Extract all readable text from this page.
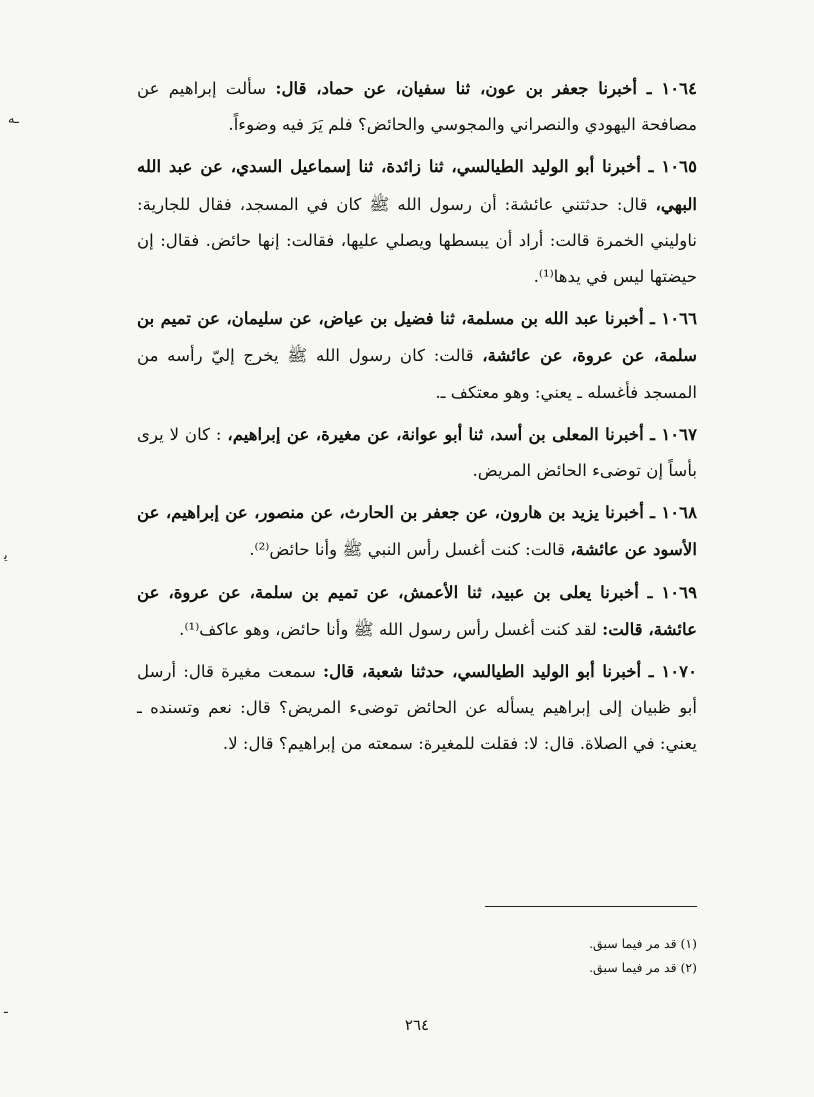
ـه
ﻳ
ـ

١٠٦٤ ـ أخبرنا جعفر بن عون، ثنا سفيان، عن حماد، قال: سألت إبراهيم عن مصافحة اليهودي والنصراني والمجوسي والحائض؟ فلم يَرَ فيه وضوءاً.

١٠٦٥ ـ أخبرنا أبو الوليد الطيالسي، ثنا زائدة، ثنا إسماعيل السدي، عن عبد الله البهي، قال: حدثتني عائشة: أن رسول الله ﷺ كان في المسجد، فقال للجارية: ناوليني الخمرة قالت: أراد أن يبسطها ويصلي عليها، فقالت: إنها حائض. فقال: إن حيضتها ليس في يدها⁽¹⁾.

١٠٦٦ ـ أخبرنا عبد الله بن مسلمة، ثنا فضيل بن عياض، عن سليمان، عن تميم بن سلمة، عن عروة، عن عائشة، قالت: كان رسول الله ﷺ يخرج إليّ رأسه من المسجد فأغسله ـ يعني: وهو معتكف ـ.

١٠٦٧ ـ أخبرنا المعلى بن أسد، ثنا أبو عوانة، عن مغيرة، عن إبراهيم، : كان لا يرى بأساً إن توضىء الحائض المريض.

١٠٦٨ ـ أخبرنا يزيد بن هارون، عن جعفر بن الحارث، عن منصور، عن إبراهيم، عن الأسود عن عائشة، قالت: كنت أغسل رأس النبي ﷺ وأنا حائض⁽²⁾.

١٠٦٩ ـ أخبرنا يعلى بن عبيد، ثنا الأعمش، عن تميم بن سلمة، عن عروة، عن عائشة، قالت: لقد كنت أغسل رأس رسول الله ﷺ وأنا حائض، وهو عاكف⁽¹⁾.

١٠٧٠ ـ أخبرنا أبو الوليد الطيالسي، حدثنا شعبة، قال: سمعت مغيرة قال: أرسل أبو ظبيان إلى إبراهيم يسأله عن الحائض توضىء المريض؟ قال: نعم وتسنده ـ يعني: في الصلاة. قال: لا: فقلت للمغيرة: سمعته من إبراهيم؟ قال: لا.

(١) قد مر فيما سبق.
(٢) قد مر فيما سبق.
٢٦٤
